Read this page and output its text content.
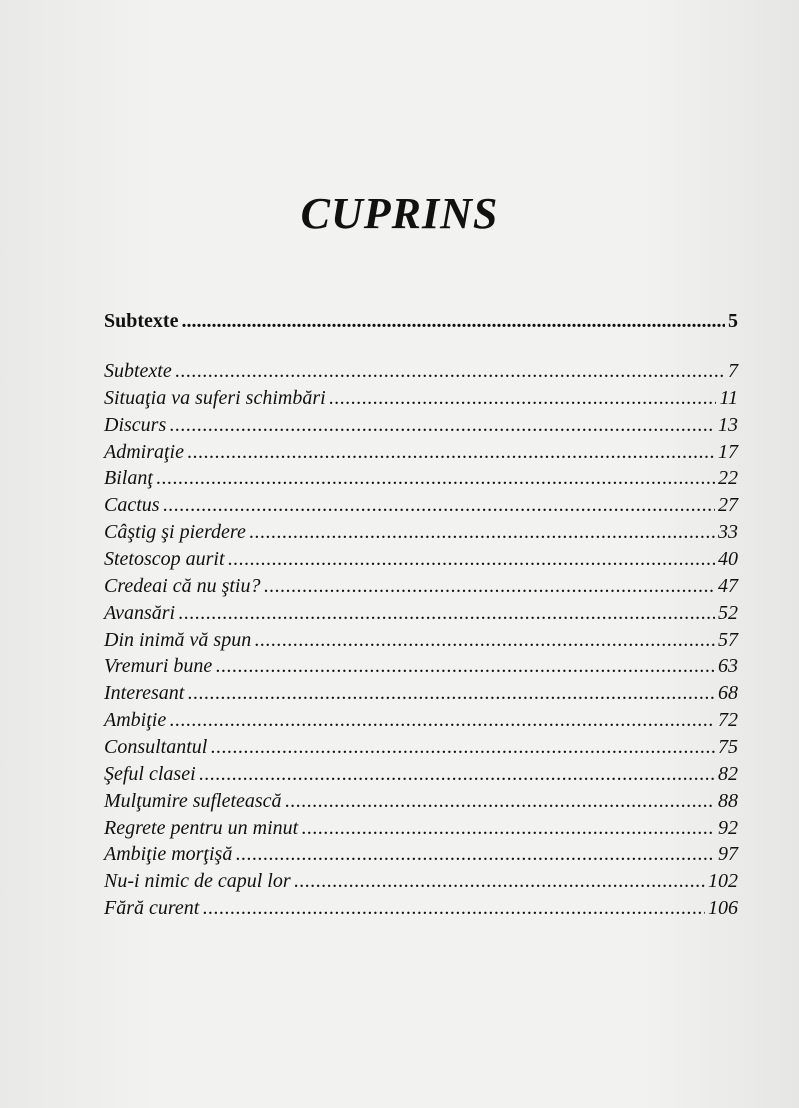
CUPRINS
Subtexte .....	5
Subtexte .....	7
Situaţia va suferi schimbări .....	11
Discurs .....	13
Admiraţie .....	17
Bilanţ .....	22
Cactus .....	27
Câştig şi pierdere .....	33
Stetoscop aurit .....	40
Credeai că nu ştiu? .....	47
Avansări .....	52
Din inimă vă spun .....	57
Vremuri bune .....	63
Interesant .....	68
Ambiţie .....	72
Consultantul .....	75
Şeful clasei .....	82
Mulţumire sufletească .....	88
Regrete pentru un minut .....	92
Ambiţie morţişă .....	97
Nu-i nimic de capul lor .....	102
Fără curent .....	106
